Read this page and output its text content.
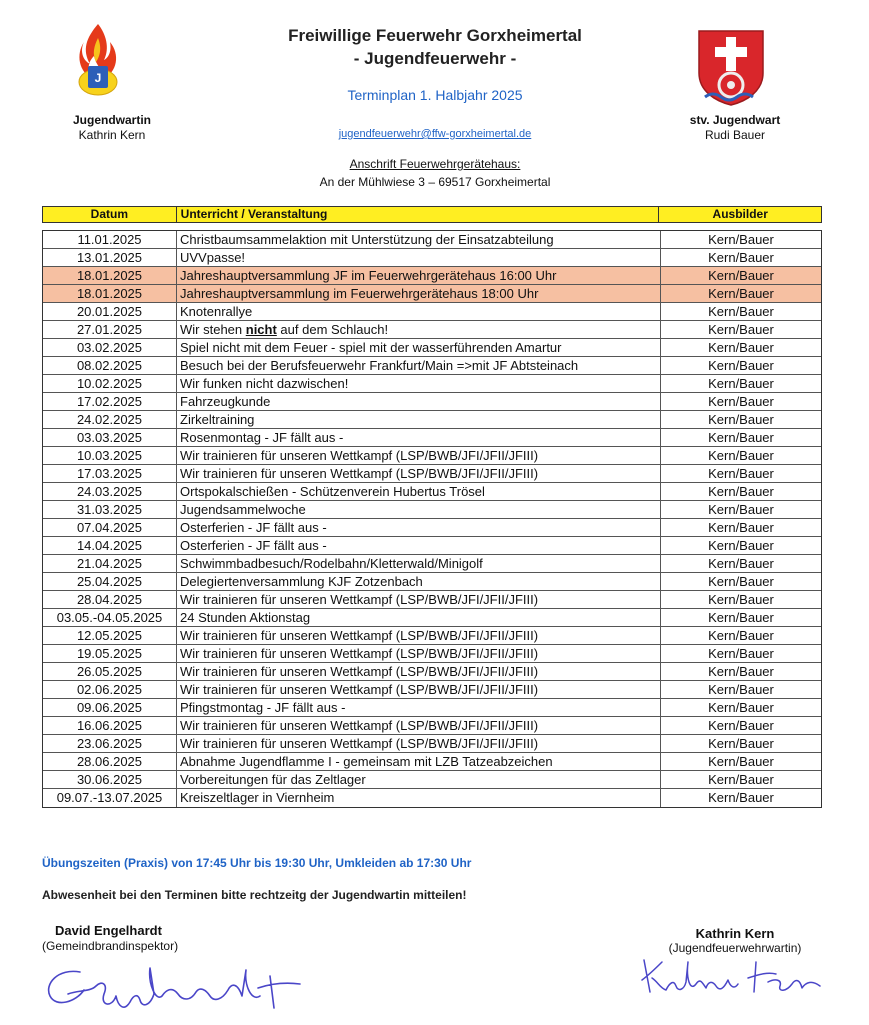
J
Freiwillige Feuerwehr Gorxheimertal
- Jugendfeuerwehr -
Terminplan 1. Halbjahr 2025
jugendfeuerwehr@ffw-gorxheimertal.de
Anschrift Feuerwehrgerätehaus:
An der Mühlwiese 3 – 69517 Gorxheimertal
Jugendwartin
Kathrin Kern
stv. Jugendwart
Rudi Bauer
Datum	Unterricht / Veranstaltung	Ausbilder
11.01.2025	Christbaumsammelaktion mit Unterstützung der Einsatzabteilung	Kern/Bauer
13.01.2025	UVVpasse!	Kern/Bauer
18.01.2025	Jahreshauptversammlung JF im Feuerwehrgerätehaus 16:00 Uhr	Kern/Bauer
18.01.2025	Jahreshauptversammlung im Feuerwehrgerätehaus 18:00 Uhr	Kern/Bauer
20.01.2025	Knotenrallye	Kern/Bauer
27.01.2025	Wir stehen nicht auf dem Schlauch!	Kern/Bauer
03.02.2025	Spiel nicht mit dem Feuer - spiel mit der wasserführenden Amartur	Kern/Bauer
08.02.2025	Besuch bei der Berufsfeuerwehr Frankfurt/Main =>mit JF Abtsteinach	Kern/Bauer
10.02.2025	Wir funken nicht dazwischen!	Kern/Bauer
17.02.2025	Fahrzeugkunde	Kern/Bauer
24.02.2025	Zirkeltraining	Kern/Bauer
03.03.2025	Rosenmontag - JF fällt aus -	Kern/Bauer
10.03.2025	Wir trainieren für unseren Wettkampf (LSP/BWB/JFI/JFII/JFIII)	Kern/Bauer
17.03.2025	Wir trainieren für unseren Wettkampf (LSP/BWB/JFI/JFII/JFIII)	Kern/Bauer
24.03.2025	Ortspokalschießen - Schützenverein Hubertus Trösel	Kern/Bauer
31.03.2025	Jugendsammelwoche	Kern/Bauer
07.04.2025	Osterferien - JF fällt aus -	Kern/Bauer
14.04.2025	Osterferien - JF fällt aus -	Kern/Bauer
21.04.2025	Schwimmbadbesuch/Rodelbahn/Kletterwald/Minigolf	Kern/Bauer
25.04.2025	Delegiertenversammlung KJF Zotzenbach	Kern/Bauer
28.04.2025	Wir trainieren für unseren Wettkampf (LSP/BWB/JFI/JFII/JFIII)	Kern/Bauer
03.05.-04.05.2025	24 Stunden Aktionstag	Kern/Bauer
12.05.2025	Wir trainieren für unseren Wettkampf (LSP/BWB/JFI/JFII/JFIII)	Kern/Bauer
19.05.2025	Wir trainieren für unseren Wettkampf (LSP/BWB/JFI/JFII/JFIII)	Kern/Bauer
26.05.2025	Wir trainieren für unseren Wettkampf (LSP/BWB/JFI/JFII/JFIII)	Kern/Bauer
02.06.2025	Wir trainieren für unseren Wettkampf (LSP/BWB/JFI/JFII/JFIII)	Kern/Bauer
09.06.2025	Pfingstmontag - JF fällt aus -	Kern/Bauer
16.06.2025	Wir trainieren für unseren Wettkampf (LSP/BWB/JFI/JFII/JFIII)	Kern/Bauer
23.06.2025	Wir trainieren für unseren Wettkampf (LSP/BWB/JFI/JFII/JFIII)	Kern/Bauer
28.06.2025	Abnahme Jugendflamme I - gemeinsam mit LZB Tatzeabzeichen	Kern/Bauer
30.06.2025	Vorbereitungen für das Zeltlager	Kern/Bauer
09.07.-13.07.2025	Kreiszeltlager in Viernheim	Kern/Bauer
Übungszeiten (Praxis) von 17:45 Uhr bis 19:30 Uhr, Umkleiden ab 17:30 Uhr
Abwesenheit bei den Terminen bitte rechtzeitg der Jugendwartin mitteilen!
David Engelhardt
(Gemeindbrandinspektor)
Kathrin Kern
(Jugendfeuerwehrwartin)
